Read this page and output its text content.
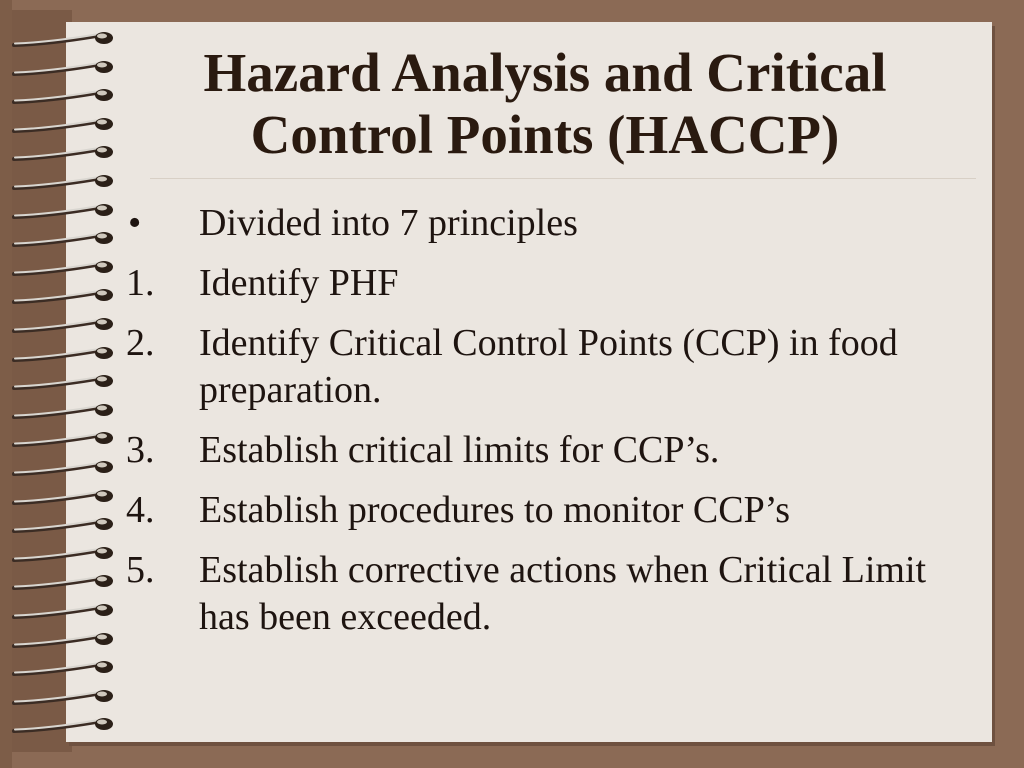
Hazard Analysis and Critical Control Points (HACCP)
•	Divided into 7 principles
1.	Identify PHF
2.	Identify Critical Control Points (CCP) in food preparation.
3.	Establish critical limits for CCP’s.
4.	Establish procedures to monitor CCP’s
5.	Establish corrective actions when Critical Limit has been exceeded.
